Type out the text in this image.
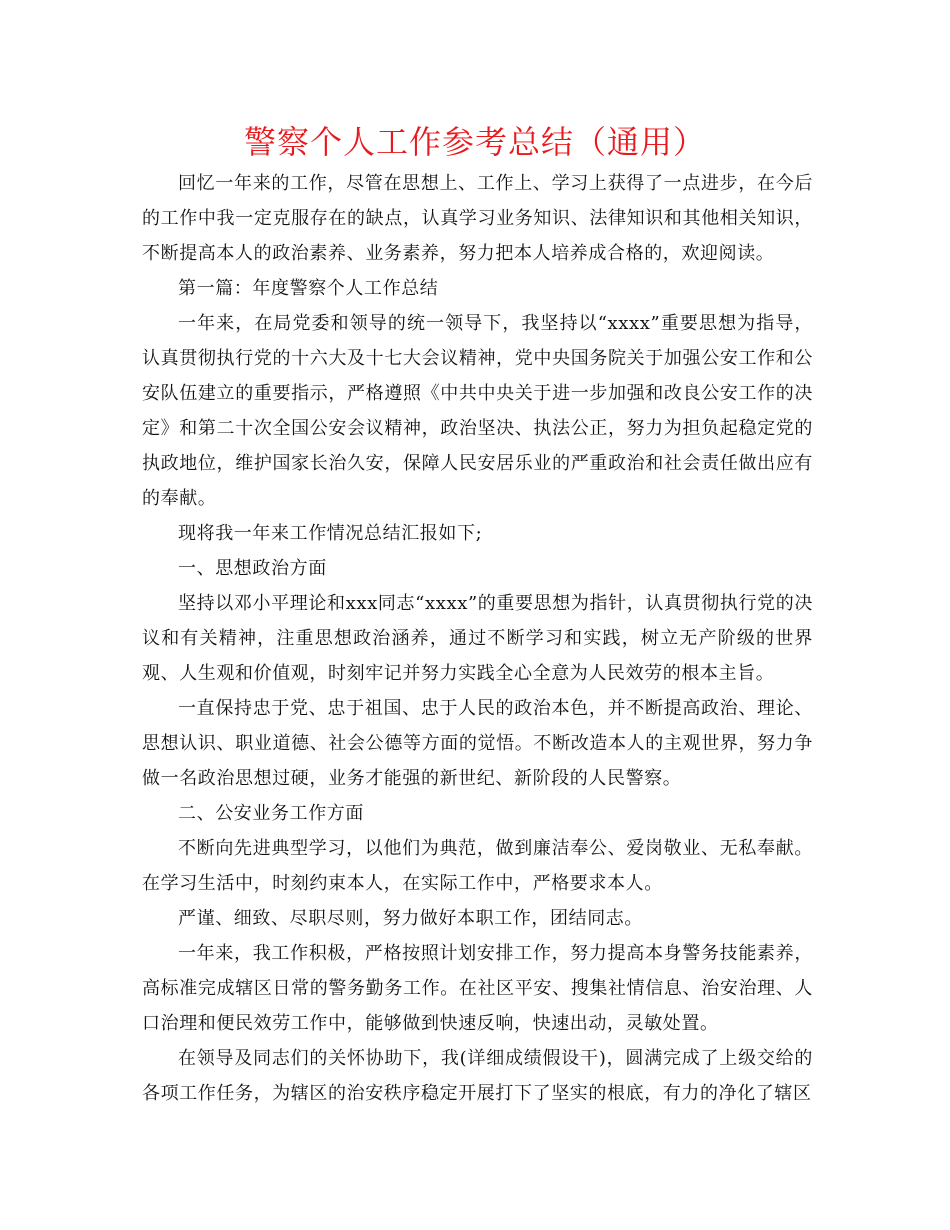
警察个人工作参考总结（通用）

回忆一年来的工作，尽管在思想上、工作上、学习上获得了一点进步，在今后的工作中我一定克服存在的缺点，认真学习业务知识、法律知识和其他相关知识，不断提高本人的政治素养、业务素养，努力把本人培养成合格的，欢迎阅读。

第一篇：年度警察个人工作总结

一年来，在局党委和领导的统一领导下，我坚持以“xxxx”重要思想为指导，认真贯彻执行党的十六大及十七大会议精神，党中央国务院关于加强公安工作和公安队伍建立的重要指示，严格遵照《中共中央关于进一步加强和改良公安工作的决定》和第二十次全国公安会议精神，政治坚决、执法公正，努力为担负起稳定党的执政地位，维护国家长治久安，保障人民安居乐业的严重政治和社会责任做出应有的奉献。

现将我一年来工作情况总结汇报如下;

一、思想政治方面

坚持以邓小平理论和xxx同志“xxxx”的重要思想为指针，认真贯彻执行党的决议和有关精神，注重思想政治涵养，通过不断学习和实践，树立无产阶级的世界观、人生观和价值观，时刻牢记并努力实践全心全意为人民效劳的根本主旨。

一直保持忠于党、忠于祖国、忠于人民的政治本色，并不断提高政治、理论、思想认识、职业道德、社会公德等方面的觉悟。不断改造本人的主观世界，努力争做一名政治思想过硬，业务才能强的新世纪、新阶段的人民警察。

二、公安业务工作方面

不断向先进典型学习，以他们为典范，做到廉洁奉公、爱岗敬业、无私奉献。在学习生活中，时刻约束本人，在实际工作中，严格要求本人。

严谨、细致、尽职尽则，努力做好本职工作，团结同志。

一年来，我工作积极，严格按照计划安排工作，努力提高本身警务技能素养，高标准完成辖区日常的警务勤务工作。在社区平安、搜集社情信息、治安治理、人口治理和便民效劳工作中，能够做到快速反响，快速出动，灵敏处置。

在领导及同志们的关怀协助下，我(详细成绩假设干)，圆满完成了上级交给的各项工作任务，为辖区的治安秩序稳定开展打下了坚实的根底，有力的净化了辖区
